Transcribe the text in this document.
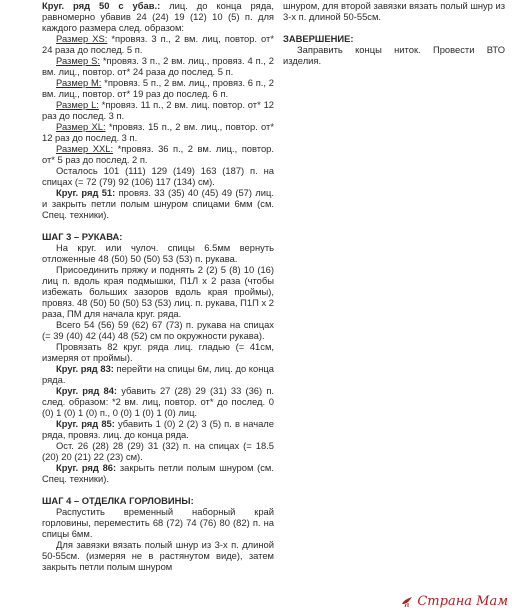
Круг. ряд 50 с убав.: лиц. до конца ряда, равномерно убавив 24 (24) 19 (12) 10 (5) п. для каждого размера след. образом:

Размер XS: *провяз. 3 п., 2 вм. лиц, повтор. от* 24 раза до послед. 5 п.

Размер S: *провяз. 3 п., 2 вм. лиц., провяз. 4 п., 2 вм. лиц., повтор. от* 24 раза до послед. 5 п.

Размер M: *провяз. 5 п., 2 вм. лиц., провяз. 6 п., 2 вм. лиц., повтор. от* 19 раз до послед. 6 п.

Размер L: *провяз. 11 п., 2 вм. лиц. повтор. от* 12 раз до послед. 3 п.

Размер XL: *провяз. 15 п., 2 вм. лиц., повтор. от* 12 раз до послед. 3 п.

Размер XXL: *провяз. 36 п., 2 вм. лиц., повтор. от* 5 раз до послед. 2 п.

Осталось 101 (111) 129 (149) 163 (187) п. на спицах (= 72 (79) 92 (106) 117 (134) см).

Круг. ряд 51: провяз. 33 (35) 40 (45) 49 (57) лиц. и закрыть петли полым шнуром спицами 6мм (см. Спец. техники).

ШАГ 3 – РУКАВА:

На круг. или чулоч. спицы 6.5мм вернуть отложенные 48 (50) 50 (50) 53 (53) п. рукава.

Присоединить пряжу и поднять 2 (2) 5 (8) 10 (16) лиц п. вдоль края подмышки, П1Л х 2 раза (чтобы избежать больших зазоров вдоль края проймы), провяз. 48 (50) 50 (50) 53 (53) лиц. п. рукава, П1П х 2 раза, ПМ для начала круг. ряда.

Всего 54 (56) 59 (62) 67 (73) п. рукава на спицах (= 39 (40) 42 (44) 48 (52) см по окружности рукава).

Провязать 82 круг. ряда лиц. гладью (= 41см, измеряя от проймы).

Круг. ряд 83: перейти на спицы 6м, лиц. до конца ряда.

Круг. ряд 84: убавить 27 (28) 29 (31) 33 (36) п. след. образом: *2 вм. лиц, повтор. от* до послед. 0 (0) 1 (0) 1 (0) п., 0 (0) 1 (0) 1 (0) лиц.

Круг. ряд 85: убавить 1 (0) 2 (2) 3 (5) п. в начале ряда, провяз. лиц. до конца ряда.

Ост. 26 (28) 28 (29) 31 (32) п. на спицах (= 18.5 (20) 20 (21) 22 (23) см).

Круг. ряд 86: закрыть петли полым шнуром (см. Спец. техники).

ШАГ 4 – ОТДЕЛКА ГОРЛОВИНЫ:

Распустить временный наборный край горловины, переместить 68 (72) 74 (76) 80 (82) п. на спицы 6мм.

Для завязки вязать полый шнур из 3-х п. длиной 50-55см. (измеряя не в растянутом виде), затем закрыть петли полым шнуром

шнуром, для второй завязки вязать полый шнур из 3-х п. длиной 50-55см.

ЗАВЕРШЕНИЕ:

Заправить концы ниток. Провести ВТО изделия.

Страна Мам
